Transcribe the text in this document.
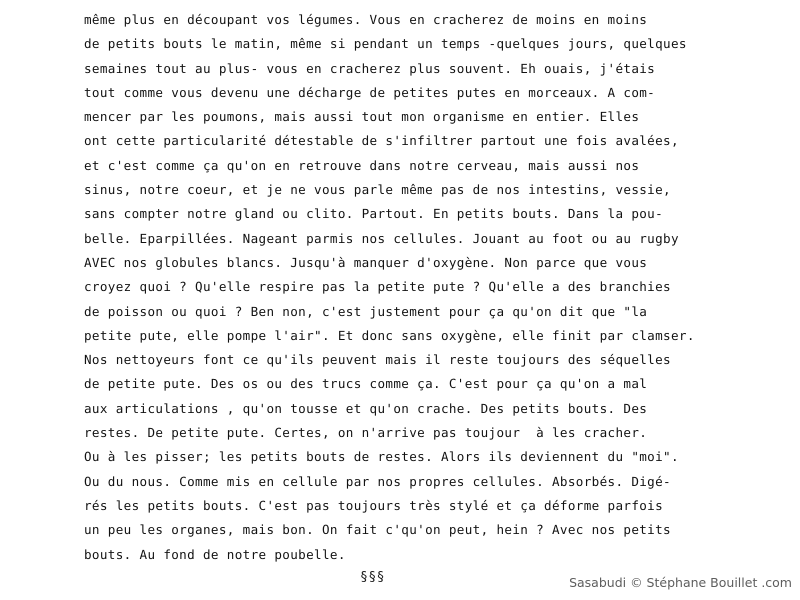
même plus en découpant vos légumes. Vous en cracherez de moins en moins
de petits bouts le matin, même si pendant un temps -quelques jours, quelques
semaines tout au plus- vous en cracherez plus souvent. Eh ouais, j'étais
tout comme vous devenu une décharge de petites putes en morceaux. A com-
mencer par les poumons, mais aussi tout mon organisme en entier. Elles
ont cette particularité détestable de s'infiltrer partout une fois avalées,
et c'est comme ça qu'on en retrouve dans notre cerveau, mais aussi nos
sinus, notre coeur, et je ne vous parle même pas de nos intestins, vessie,
sans compter notre gland ou clito. Partout. En petits bouts. Dans la pou-
belle. Eparpillées. Nageant parmis nos cellules. Jouant au foot ou au rugby
AVEC nos globules blancs. Jusqu'à manquer d'oxygène. Non parce que vous
croyez quoi ? Qu'elle respire pas la petite pute ? Qu'elle a des branchies
de poisson ou quoi ? Ben non, c'est justement pour ça qu'on dit que "la
petite pute, elle pompe l'air". Et donc sans oxygène, elle finit par clamser.
Nos nettoyeurs font ce qu'ils peuvent mais il reste toujours des séquelles
de petite pute. Des os ou des trucs comme ça. C'est pour ça qu'on a mal
aux articulations , qu'on tousse et qu'on crache. Des petits bouts. Des
restes. De petite pute. Certes, on n'arrive pas toujour  à les cracher.
Ou à les pisser; les petits bouts de restes. Alors ils deviennent du "moi".
Ou du nous. Comme mis en cellule par nos propres cellules. Absorbés. Digé-
rés les petits bouts. C'est pas toujours très stylé et ça déforme parfois
un peu les organes, mais bon. On fait c'qu'on peut, hein ? Avec nos petits
bouts. Au fond de notre poubelle.
§§§	Sasabudi © Stéphane Bouillet .com
